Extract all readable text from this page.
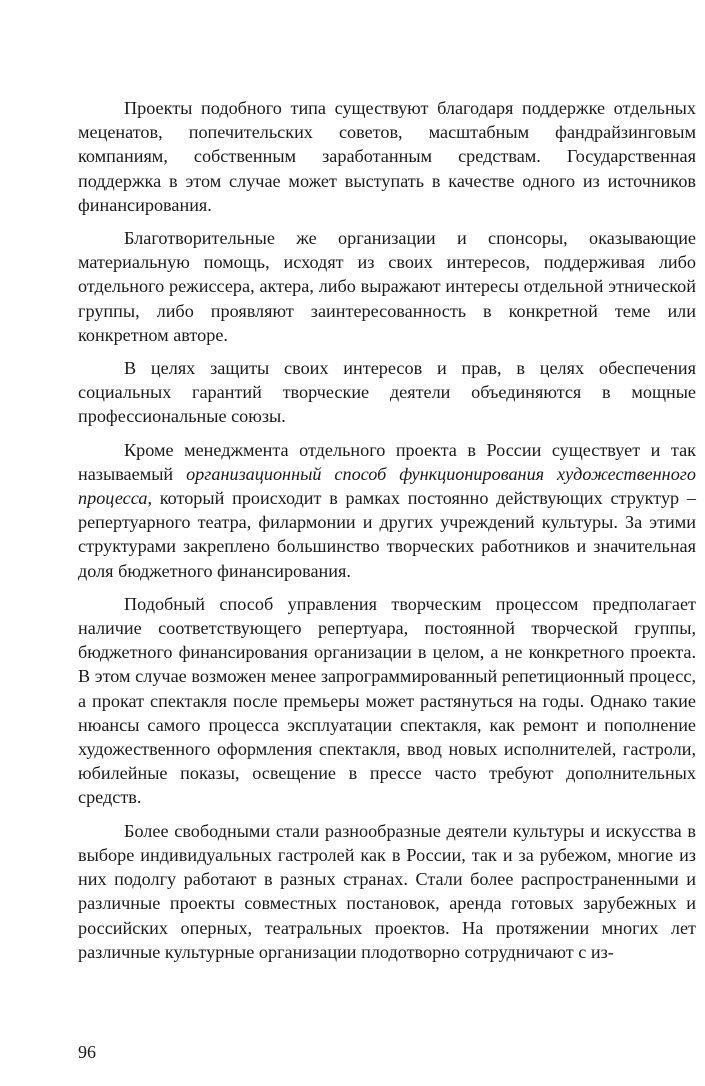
Проекты подобного типа существуют благодаря поддержке отдельных меценатов, попечительских советов, масштабным фандрайзинговым компаниям, собственным заработанным средствам. Государственная поддержка в этом случае может выступать в качестве одного из источников финансирования.

Благотворительные же организации и спонсоры, оказывающие материальную помощь, исходят из своих интересов, поддерживая либо отдельного режиссера, актера, либо выражают интересы отдельной этнической группы, либо проявляют заинтересованность в конкретной теме или конкретном авторе.

В целях защиты своих интересов и прав, в целях обеспечения социальных гарантий творческие деятели объединяются в мощные профессиональные союзы.

Кроме менеджмента отдельного проекта в России существует и так называемый организационный способ функционирования художественного процесса, который происходит в рамках постоянно действующих структур – репертуарного театра, филармонии и других учреждений культуры. За этими структурами закреплено большинство творческих работников и значительная доля бюджетного финансирования.

Подобный способ управления творческим процессом предполагает наличие соответствующего репертуара, постоянной творческой группы, бюджетного финансирования организации в целом, а не конкретного проекта. В этом случае возможен менее запрограммированный репетиционный процесс, а прокат спектакля после премьеры может растянуться на годы. Однако такие нюансы самого процесса эксплуатации спектакля, как ремонт и пополнение художественного оформления спектакля, ввод новых исполнителей, гастроли, юбилейные показы, освещение в прессе часто требуют дополнительных средств.

Более свободными стали разнообразные деятели культуры и искусства в выборе индивидуальных гастролей как в России, так и за рубежом, многие из них подолгу работают в разных странах. Стали более распространенными и различные проекты совместных постановок, аренда готовых зарубежных и российских оперных, театральных проектов. На протяжении многих лет различные культурные организации плодотворно сотрудничают с из-

96
